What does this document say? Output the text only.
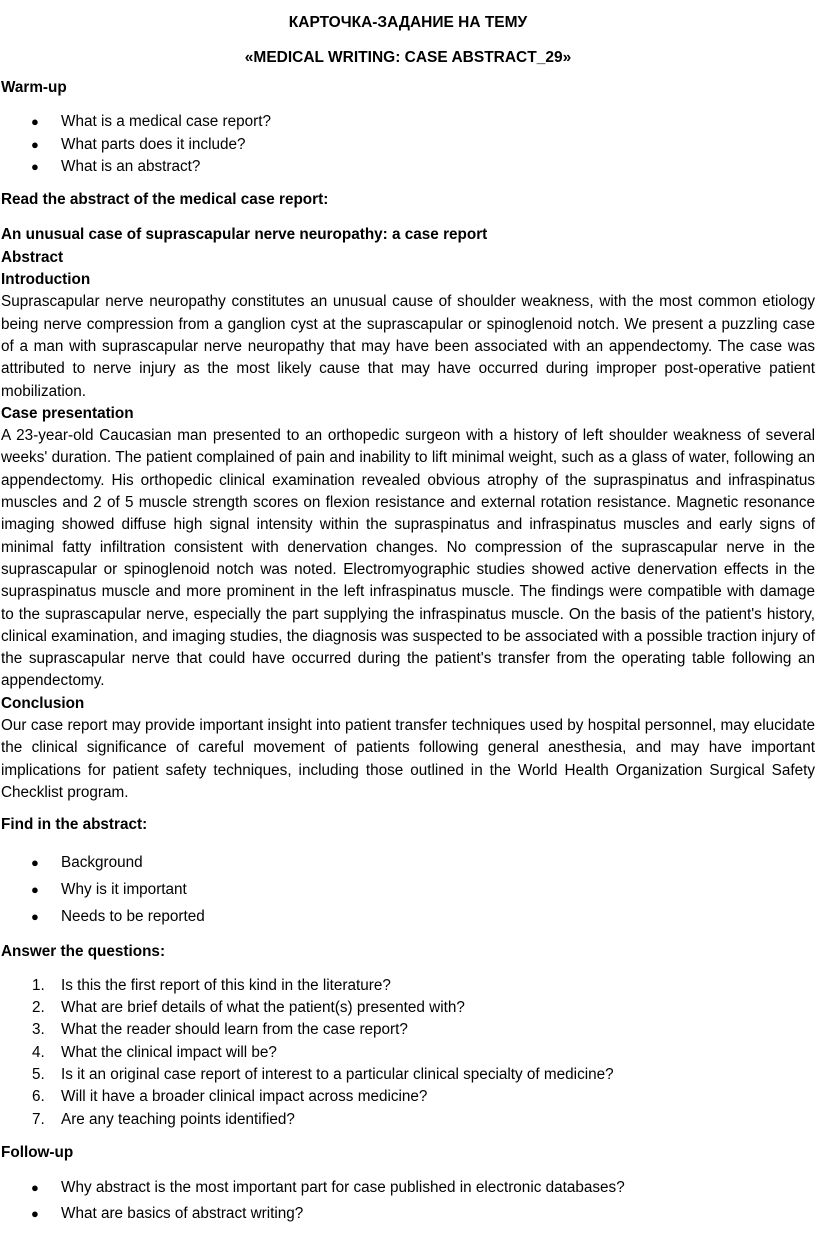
КАРТОЧКА-ЗАДАНИЕ НА ТЕМУ

«MEDICAL WRITING: CASE ABSTRACT_29»

Warm-up

● What is a medical case report?
● What parts does it include?
● What is an abstract?

Read the abstract of the medical case report:

An unusual case of suprascapular nerve neuropathy: a case report

Abstract

Introduction

Suprascapular nerve neuropathy constitutes an unusual cause of shoulder weakness, with the most common etiology being nerve compression from a ganglion cyst at the suprascapular or spinoglenoid notch. We present a puzzling case of a man with suprascapular nerve neuropathy that may have been associated with an appendectomy. The case was attributed to nerve injury as the most likely cause that may have occurred during improper post-operative patient mobilization.

Case presentation

A 23-year-old Caucasian man presented to an orthopedic surgeon with a history of left shoulder weakness of several weeks' duration. The patient complained of pain and inability to lift minimal weight, such as a glass of water, following an appendectomy. His orthopedic clinical examination revealed obvious atrophy of the supraspinatus and infraspinatus muscles and 2 of 5 muscle strength scores on flexion resistance and external rotation resistance. Magnetic resonance imaging showed diffuse high signal intensity within the supraspinatus and infraspinatus muscles and early signs of minimal fatty infiltration consistent with denervation changes. No compression of the suprascapular nerve in the suprascapular or spinoglenoid notch was noted. Electromyographic studies showed active denervation effects in the supraspinatus muscle and more prominent in the left infraspinatus muscle. The findings were compatible with damage to the suprascapular nerve, especially the part supplying the infraspinatus muscle. On the basis of the patient's history, clinical examination, and imaging studies, the diagnosis was suspected to be associated with a possible traction injury of the suprascapular nerve that could have occurred during the patient's transfer from the operating table following an appendectomy.

Conclusion

Our case report may provide important insight into patient transfer techniques used by hospital personnel, may elucidate the clinical significance of careful movement of patients following general anesthesia, and may have important implications for patient safety techniques, including those outlined in the World Health Organization Surgical Safety Checklist program.

Find in the abstract:

● Background
● Why is it important
● Needs to be reported

Answer the questions:

1. Is this the first report of this kind in the literature?
2. What are brief details of what the patient(s) presented with?
3. What the reader should learn from the case report?
4. What the clinical impact will be?
5. Is it an original case report of interest to a particular clinical specialty of medicine?
6. Will it have a broader clinical impact across medicine?
7. Are any teaching points identified?

Follow-up

● Why abstract is the most important part for case published in electronic databases?
● What are basics of abstract writing?
